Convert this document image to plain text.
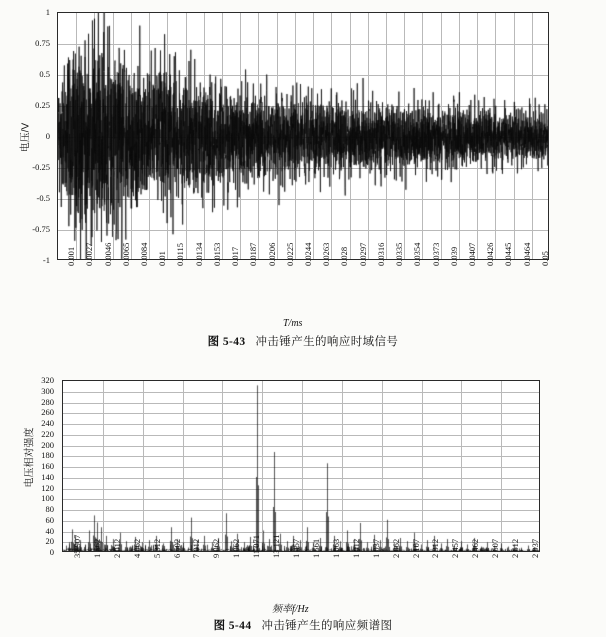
电压/V
1
0.75
0.5
0.25
0
-0.25
-0.5
-0.75
-1 0.001 0.0027 0.0046 0.0065 0.0084 0.01 0.0115 0.0134 0.0153 0.017 0.0187 0.0206 0.0225 0.0244 0.0263 0.028 0.0297 0.0316 0.0335 0.0354 0.0373 0.039 0.0407 0.0426 0.0445 0.0464 0.05
T/ms
图 5-43 冲击锤产生的响应时域信号
电压相对强度
320
300
280
260
240
220
200
180
160
140
120
100
80
60
40
20
0 35 907 1 562 2 012 4 062 5 312 6 502 7 012 9 062 1 062 11 071 13 121 1 457 1 561 1 063 1 012 1 037 2 062 2 107 2 312 2 457 2 462 2 607 2 612 2 937
频率f/Hz
图 5-44 冲击锤产生的响应频谱图
